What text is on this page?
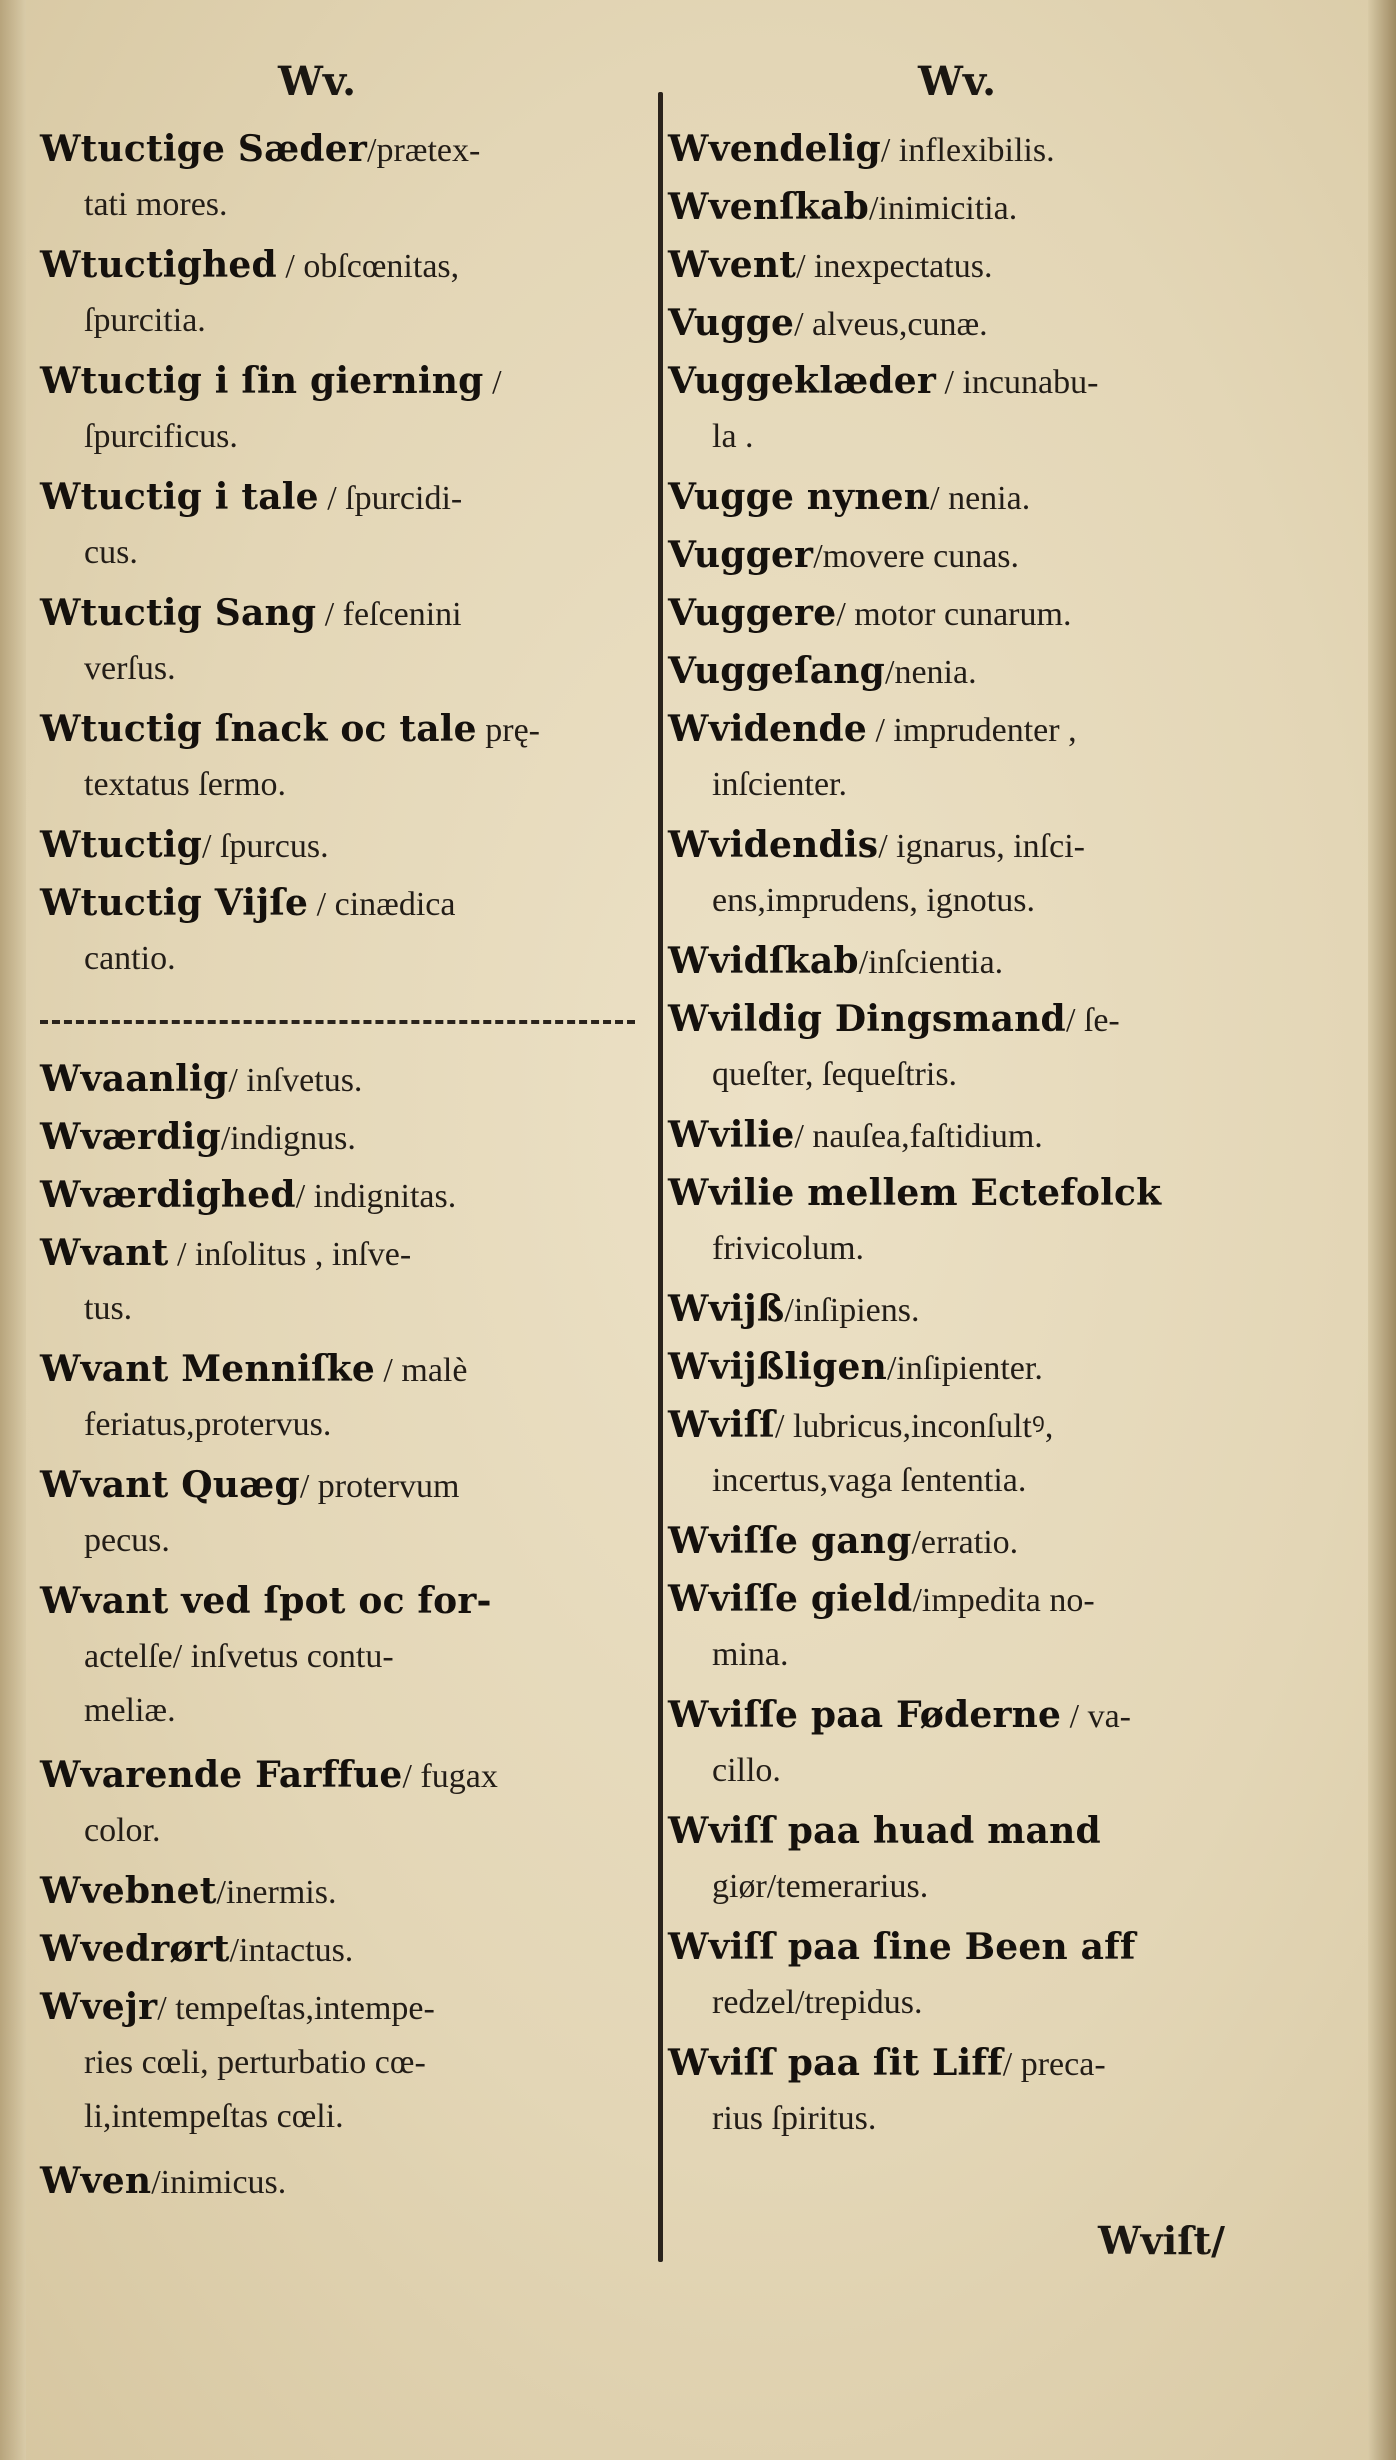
Wv.	Wv.
Wtuctige Sæder/prætex-
tati mores.
Wtuctighed / obſcœnitas,
ſpurcitia.
Wtuctig i ſin gierning /
ſpurcificus.
Wtuctig i tale / ſpurcidi-
cus.
Wtuctig Sang / feſcenini
verſus.
Wtuctig ſnack oc tale prę-
textatus ſermo.
Wtuctig/ ſpurcus.
Wtuctig Vijſe / cinædica
cantio.
Wvaanlig/ inſvetus.
Wværdig/indignus.
Wværdighed/ indignitas.
Wvant / inſolitus , inſve-
tus.
Wvant Menniſke / malè
feriatus,protervus.
Wvant Quæg/ protervum
pecus.
Wvant ved ſpot oc for-
actelſe/ inſvetus contu-
meliæ.
Wvarende Farffue/ fugax
color.
Wvebnet/inermis.
Wvedrørt/intactus.
Wvejr/ tempeſtas,intempe-
ries cœli, perturbatio cœ-
li,intempeſtas cœli.
Wven/inimicus.
Wvendelig/ inflexibilis.
Wvenſkab/inimicitia.
Wvent/ inexpectatus.
Vugge/ alveus,cunæ.
Vuggeklæder / incunabu-
la .
Vugge nynen/ nenia.
Vugger/movere cunas.
Vuggere/ motor cunarum.
Vuggeſang/nenia.
Wvidende / imprudenter ,
inſcienter.
Wvidendis/ ignarus, inſci-
ens,imprudens, ignotus.
Wvidſkab/inſcientia.
Wvildig Dingsmand/ ſe-
queſter, ſequeſtris.
Wvilie/ nauſea,faſtidium.
Wvilie mellem Ectefolck
frivicolum.
Wvijß/inſipiens.
Wvijßligen/inſipienter.
Wviſſ/ lubricus,inconſultꝰ,
incertus,vaga ſententia.
Wviſſe gang/erratio.
Wviſſe gield/impedita no-
mina.
Wviſſe paa Føderne / va-
cillo.
Wviſſ paa huad mand
giør/temerarius.
Wviſſ paa ſine Been aff
redzel/trepidus.
Wviſſ paa ſit Liff/ preca-
rius ſpiritus.
Wviſt/
